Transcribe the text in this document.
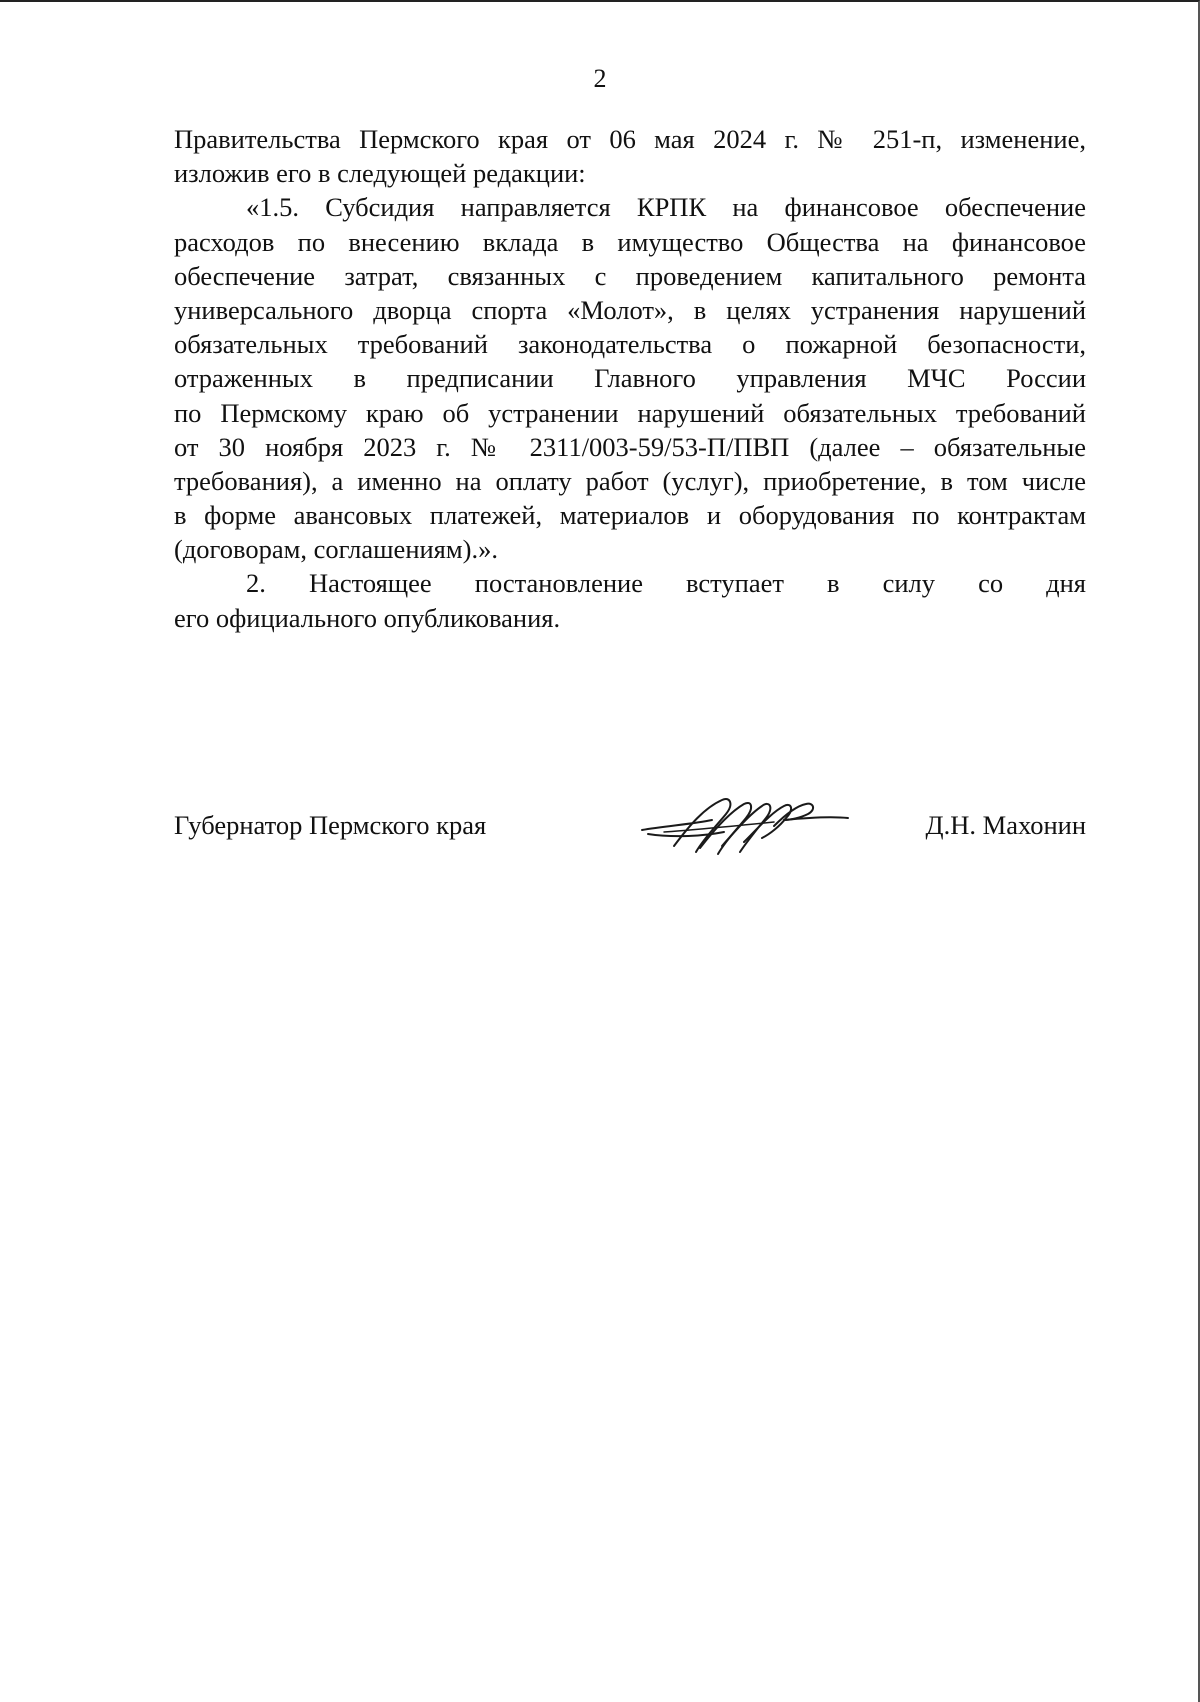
2
Правительства Пермского края от 06 мая 2024 г. № 251-п, изменение,
изложив его в следующей редакции:
«1.5. Субсидия направляется КРПК на финансовое обеспечение
расходов по внесению вклада в имущество Общества на финансовое
обеспечение затрат, связанных с проведением капитального ремонта
универсального дворца спорта «Молот», в целях устранения нарушений
обязательных требований законодательства о пожарной безопасности,
отраженных в предписании Главного управления МЧС России
по Пермскому краю об устранении нарушений обязательных требований
от 30 ноября 2023 г. № 2311/003-59/53-П/ПВП (далее – обязательные
требования), а именно на оплату работ (услуг), приобретение, в том числе
в форме авансовых платежей, материалов и оборудования по контрактам
(договорам, соглашениям).».
2. Настоящее постановление вступает в силу со дня
его официального опубликования.
Губернатор Пермского края	Д.Н. Махонин
